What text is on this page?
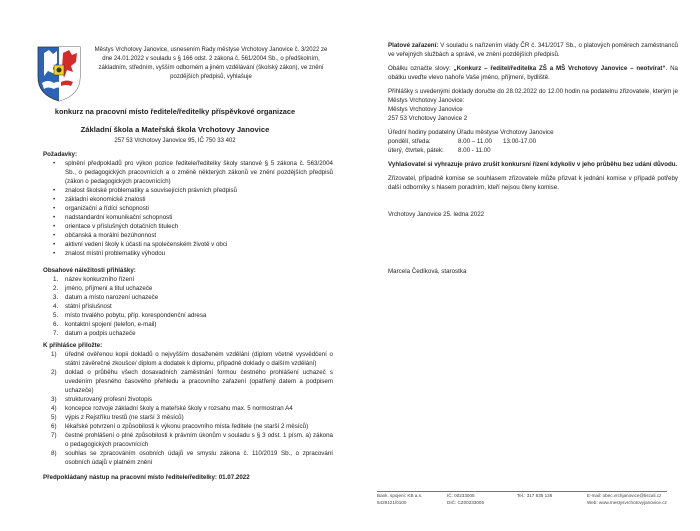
Městys Vrchotovy Janovice, usnesením Rady městyse Vrchotovy Janovice č. 3/2022 ze dne 24.01.2022 v souladu s § 166 odst. 2 zákona č. 561/2004 Sb., o předškolním, základním, středním, vyšším odborném a jiném vzdělávání (školský zákon), ve znění pozdějších předpisů, vyhlašuje
konkurz na pracovní místo ředitele/ředitelky příspěvkové organizace
Základní škola a Mateřská škola Vrchotovy Janovice
257 53 Vrchotovy Janovice 95, IČ 750 33 402
Požadavky:
• splnění předpokladů pro výkon pozice ředitele/ředitelky školy stanové § 5 zákona č. 563/2004 Sb., o pedagogických pracovnících a o změně některých zákonů ve znění pozdějších předpisů (zákon o pedagogických pracovnících)
• znalost školské problematiky a souvisejících právních předpisů
• základní ekonomické znalosti
• organizační a řídící schopnosti
• nadstandardní komunikační schopnosti
• orientace v příslušných dotačních titulech
• občanská a morální bezúhonnost
• aktivní vedení školy k účasti na společenském životě v obci
• znalost místní problematiky výhodou
Obsahové náležitosti přihlášky:
1. název konkurzního řízení
2. jméno, příjmení a titul uchazeče
3. datum a místo narození uchazeče
4. státní příslušnost
5. místo trvalého pobytu, příp. korespondenční adresa
6. kontaktní spojení (telefon, e-mail)
7. datum a podpis uchazeče
K přihlášce přiložte:
1) úředně ověřenou kopii dokladů o nejvyšším dosaženém vzdělání (diplom včetně vysvědčení o státní závěrečné zkoušce/ diplom a dodatek k diplomu, případně doklady o dalším vzdělání)
2) doklad o průběhu všech dosavadních zaměstnání formou čestného prohlášení uchazeč s uvedením přesného časového přehledu a pracovního zařazení (opatřený datem a podpisem uchazeče)
3) strukturovaný profesní životopis
4) koncepce rozvoje základní školy a mateřské školy v rozsahu max. 5 normostran A4
5) výpis z Rejstříku trestů (ne starší 3 měsíců)
6) lékařské potvrzení o způsobilosti k výkonu pracovního místa ředitele (ne starší 2 měsíců)
7) čestné prohlášení o plné způsobilosti k právním úkonům v souladu s § 3 odst. 1 písm. a) zákona o pedagogických pracovnících
8) souhlas se zpracováním osobních údajů ve smyslu zákona č. 110/2019 Sb., o zpracování osobních údajů v platném znění
Předpokládaný nástup na pracovní místo ředitele/ředitelky: 01.07.2022

Platové zařazení: V souladu s nařízením vlády ČR č. 341/2017 Sb., o platových poměrech zaměstnanců ve veřejných službách a správě, ve znění pozdějších předpisů.

Obálku označte slovy: „Konkurz – ředitel/ředitelka ZŠ a MŠ Vrchotovy Janovice – neotvírat“. Na obálku uveďte vlevo nahoře Vaše jméno, příjmení, bydliště.

Přihlášky s uvedenými doklady doručte do 28.02.2022 do 12.00 hodin na podatelnu zřizovatele, kterým je Městys Vrchotovy Janovice:
Městys Vrchotovy Janovice
257 53 Vrchotovy Janovice 2

Úřední hodiny podatelny Úřadu městyse Vrchotovy Janovice
pondělí, středa:	8.00 – 11.00	13.00-17.00
úterý, čtvrtek, pátek:	8.00 - 11.00

Vyhlašovatel si vyhrazuje právo zrušit konkursní řízení kdykoliv v jeho průběhu bez udání důvodu.

Zřizovatel, případně komise se souhlasem zřizovatele může přizvat k jednání komise v případě potřeby další odborníky s hlasem poradním, kteří nejsou členy komise.

Vrchotovy Janovice 25. ledna 2022
Marcela Čedíková, starostka
Bank. spojení: KB a.s.	IČ: 00233005	Tel.: 317 835 136	E-mail: obec.vrchjanovice@tiscali.cz
5429121/0100	DIČ: CZ00233005	Web: www.mestysvrchotovyjanovice.cz
